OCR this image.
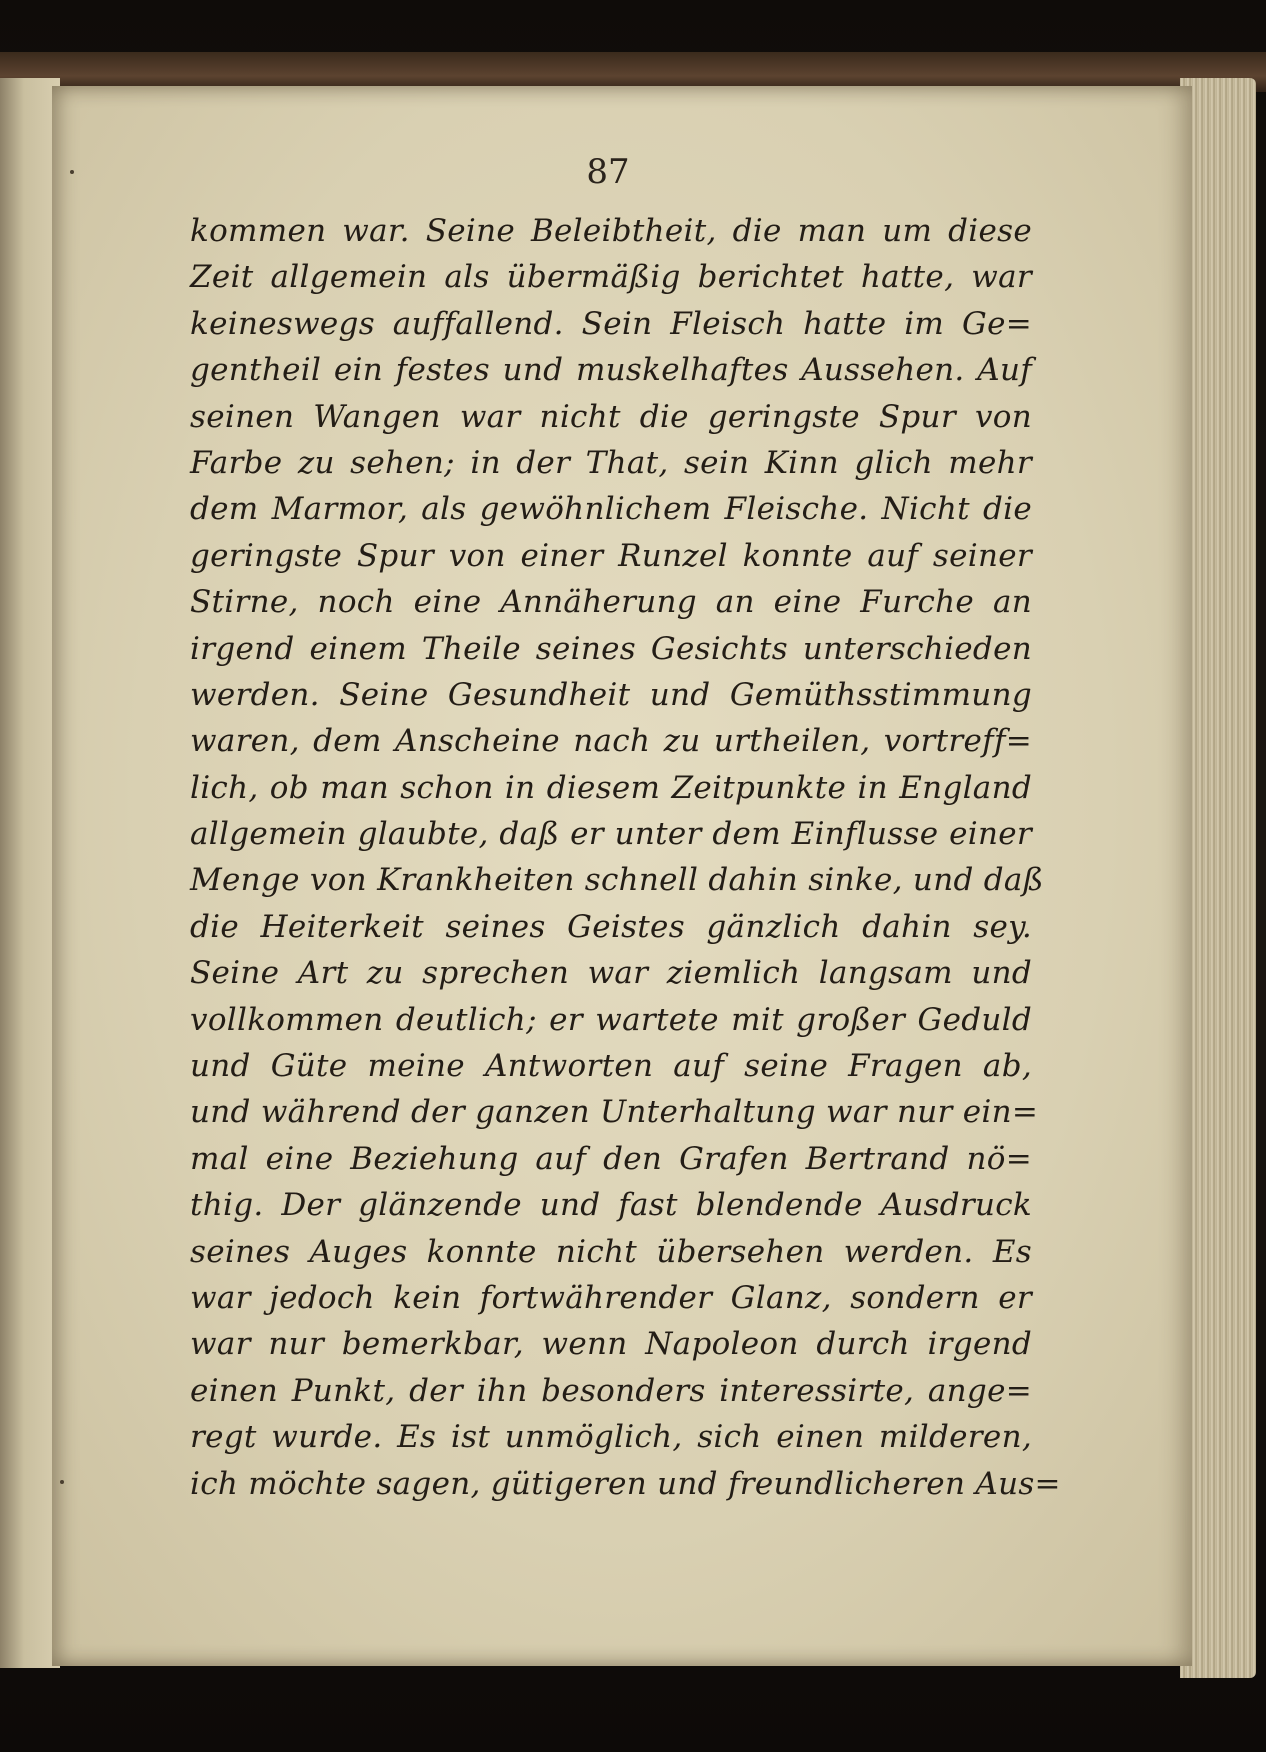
87
kommen war. Seine Beleibtheit, die man um diese
Zeit allgemein als übermäßig berichtet hatte, war
keineswegs auffallend. Sein Fleisch hatte im Ge=
gentheil ein festes und muskelhaftes Aussehen. Auf
seinen Wangen war nicht die geringste Spur von
Farbe zu sehen; in der That, sein Kinn glich mehr
dem Marmor, als gewöhnlichem Fleische. Nicht die
geringste Spur von einer Runzel konnte auf seiner
Stirne, noch eine Annäherung an eine Furche an
irgend einem Theile seines Gesichts unterschieden
werden. Seine Gesundheit und Gemüthsstimmung
waren, dem Anscheine nach zu urtheilen, vortreff=
lich, ob man schon in diesem Zeitpunkte in England
allgemein glaubte, daß er unter dem Einflusse einer
Menge von Krankheiten schnell dahin sinke, und daß
die Heiterkeit seines Geistes gänzlich dahin sey.
Seine Art zu sprechen war ziemlich langsam und
vollkommen deutlich; er wartete mit großer Geduld
und Güte meine Antworten auf seine Fragen ab,
und während der ganzen Unterhaltung war nur ein=
mal eine Beziehung auf den Grafen Bertrand nö=
thig. Der glänzende und fast blendende Ausdruck
seines Auges konnte nicht übersehen werden. Es
war jedoch kein fortwährender Glanz, sondern er
war nur bemerkbar, wenn Napoleon durch irgend
einen Punkt, der ihn besonders interessirte, ange=
regt wurde. Es ist unmöglich, sich einen milderen,
ich möchte sagen, gütigeren und freundlicheren Aus=
